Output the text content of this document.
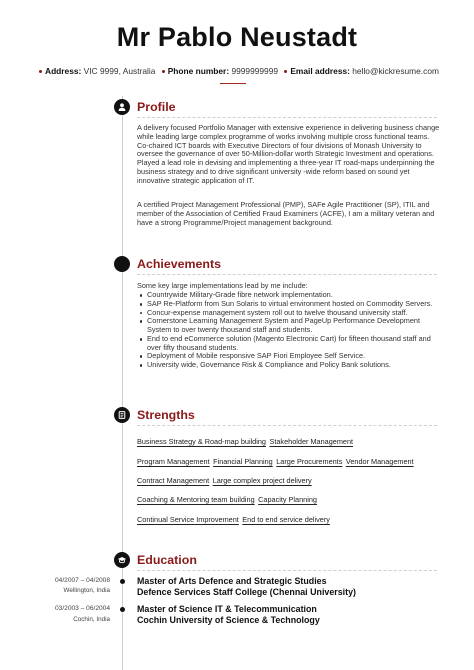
Mr Pablo Neustadt
Address: VIC 9999, Australia Phone number: 9999999999 Email address: hello@kickresume.com
Profile

A delivery focused Portfolio Manager with extensive experience in delivering business change while leading large complex programme of works involving multiple cross functional teams. Co-chaired ICT boards with Executive Directors of four divisions of Monash University to oversee the governance of over 50-Million-dollar worth Strategic Investment and operations. Played a lead role in devising and implementing a three-year IT road-maps underpinning the business strategy and to drive significant university -wide reform based on sound yet innovative strategic application of IT.

A certified Project Management Professional (PMP), SAFe Agile Practitioner (SP), ITIL and member of the Association of Certified Fraud Examiners (ACFE), I am a military veteran and have a strong Programme/Project management background.

Achievements
Some key large implementations lead by me include:
Countrywide Military-Grade fibre network implementation.
SAP Re-Platform from Sun Solaris to virtual environment hosted on Commodity Servers.
Concur-expense management system roll out to twelve thousand university staff.
Cornerstone Learning Management System and PageUp Performance Development System to over twenty thousand staff and students.
End to end eCommerce solution (Magento Electronic Cart) for fifteen thousand staff and over fifty thousand students.
Deployment of Mobile responsive SAP Fiori Employee Self Service.
University wide, Governance Risk & Compliance and Policy Bank solutions.
Strengths
Business Strategy & Road-map building Stakeholder Management
Program Management Financial Planning Large Procurements Vendor Management
Contract Management Large complex project delivery
Coaching & Mentoring team building Capacity Planning
Continual Service Improvement End to end service delivery
Education
04/2007 – 04/2008
Wellington, India
Master of Arts Defence and Strategic Studies
Defence Services Staff College (Chennai University)
03/2003 – 06/2004
Cochin, India
Master of Science IT & Telecommunication
Cochin University of Science & Technology
